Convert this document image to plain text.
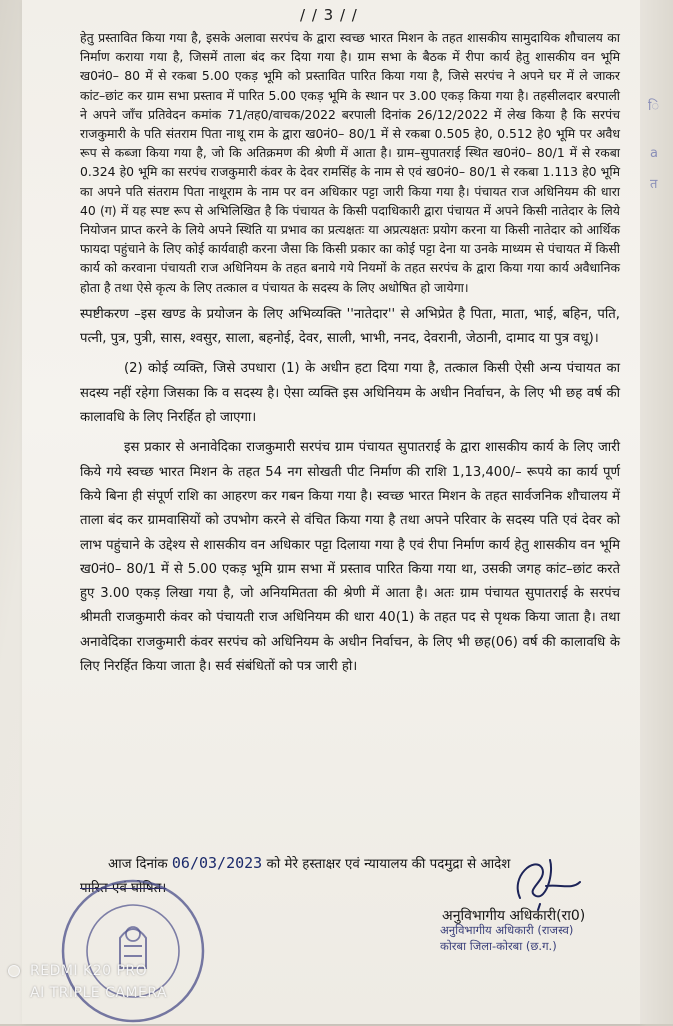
ि
a
त
/ / 3 / /

हेतु प्रस्तावित किया गया है, इसके अलावा सरपंच के द्वारा स्वच्छ भारत मिशन के तहत शासकीय सामुदायिक शौचालय का निर्माण कराया गया है, जिसमें ताला बंद कर दिया गया है। ग्राम सभा के बैठक में रीपा कार्य हेतु शासकीय वन भूमि ख0नं0– 80 में से रकबा 5.00 एकड़ भूमि को प्रस्तावित पारित किया गया है, जिसे सरपंच ने अपने घर में ले जाकर कांट–छांट कर ग्राम सभा प्रस्ताव में पारित 5.00 एकड़ भूमि के स्थान पर 3.00 एकड़ किया गया है। तहसीलदार बरपाली ने अपने जॉंच प्रतिवेदन कमांक 71/तह0/वाचक/2022 बरपाली दिनांक 26/12/2022 में लेख किया है कि सरपंच राजकुमारी के पति संतराम पिता नाथू राम के द्वारा ख0नं0– 80/1 में से रकबा 0.505 हे0, 0.512 हे0 भूमि पर अवैध रूप से कब्जा किया गया है, जो कि अतिक्रमण की श्रेणी में आता है। ग्राम–सुपातराई स्थित ख0नं0– 80/1 में से रकबा 0.324 हे0 भूमि का सरपंच राजकुमारी कंवर के देवर रामसिंह के नाम से एवं ख0नं0– 80/1 से रकबा 1.113 हे0 भूमि का अपने पति संतराम पिता नाथूराम के नाम पर वन अधिकार पट्टा जारी किया गया है। पंचायत राज अधिनियम की धारा 40 (ग) में यह स्पष्ट रूप से अभिलिखित है कि पंचायत के किसी पदाधिकारी द्वारा पंचायत में अपने किसी नातेदार के लिये नियोजन प्राप्त करने के लिये अपने स्थिति या प्रभाव का प्रत्यक्षतः या अप्रत्यक्षतः प्रयोग करना या किसी नातेदार को आर्थिक फायदा पहुंचाने के लिए कोई कार्यवाही करना जैसा कि किसी प्रकार का कोई पट्टा देना या उनके माध्यम से पंचायत में किसी कार्य को करवाना पंचायती राज अधिनियम के तहत बनाये गये नियमों के तहत सरपंच के द्वारा किया गया कार्य अवैधानिक होता है तथा ऐसे कृत्य के लिए तत्काल व पंचायत के सदस्य के लिए अधोषित हो जायेगा।

स्पष्टीकरण –इस खण्ड के प्रयोजन के लिए अभिव्यक्ति ''नातेदार'' से अभिप्रेत है पिता, माता, भाई, बहिन, पति, पत्नी, पुत्र, पुत्री, सास, श्वसुर, साला, बहनोई, देवर, साली, भाभी, ननद, देवरानी, जेठानी, दामाद या पुत्र वधू)।

(2) कोई व्यक्ति, जिसे उपधारा (1) के अधीन हटा दिया गया है, तत्काल किसी ऐसी अन्य पंचायत का सदस्य नहीं रहेगा जिसका कि व सदस्य है। ऐसा व्यक्ति इस अधिनियम के अधीन निर्वाचन, के लिए भी छह वर्ष की कालावधि के लिए निरर्हित हो जाएगा।

इस प्रकार से अनावेदिका राजकुमारी सरपंच ग्राम पंचायत सुपातराई के द्वारा शासकीय कार्य के लिए जारी किये गये स्वच्छ भारत मिशन के तहत 54 नग सोखती पीट निर्माण की राशि 1,13,400/– रूपये का कार्य पूर्ण किये बिना ही संपूर्ण राशि का आहरण कर गबन किया गया है। स्वच्छ भारत मिशन के तहत सार्वजनिक शौचालय में ताला बंद कर ग्रामवासियों को उपभोग करने से वंचित किया गया है तथा अपने परिवार के सदस्य पति एवं देवर को लाभ पहुंचाने के उद्देश्य से शासकीय वन अधिकार पट्टा दिलाया गया है एवं रीपा निर्माण कार्य हेतु शासकीय वन भूमि ख0नं0– 80/1 में से 5.00 एकड़ भूमि ग्राम सभा में प्रस्ताव पारित किया गया था, उसकी जगह कांट–छांट करते हुए 3.00 एकड़ लिखा गया है, जो अनियमितता की श्रेणी में आता है। अतः ग्राम पंचायत सुपातराई के सरपंच श्रीमती राजकुमारी कंवर को पंचायती राज अधिनियम की धारा 40(1) के तहत पद से पृथक किया जाता है। तथा अनावेदिका राजकुमारी कंवर सरपंच को अधिनियम के अधीन निर्वाचन, के लिए भी छह(06) वर्ष की कालावधि के लिए निरर्हित किया जाता है। सर्व संबंधितों को पत्र जारी हो।

आज दिनांक 06/03/2023 को मेरे हस्ताक्षर एवं न्यायालय की पदमुद्रा से आदेश
पारित एवं घोषित।
अनुविभागीय अधिकारी(रा0)
अनुविभागीय अधिकारी (राजस्व)
कोरबा जिला-कोरबा (छ.ग.)
REDMI K20 PRO
AI TRIPLE CAMERA
